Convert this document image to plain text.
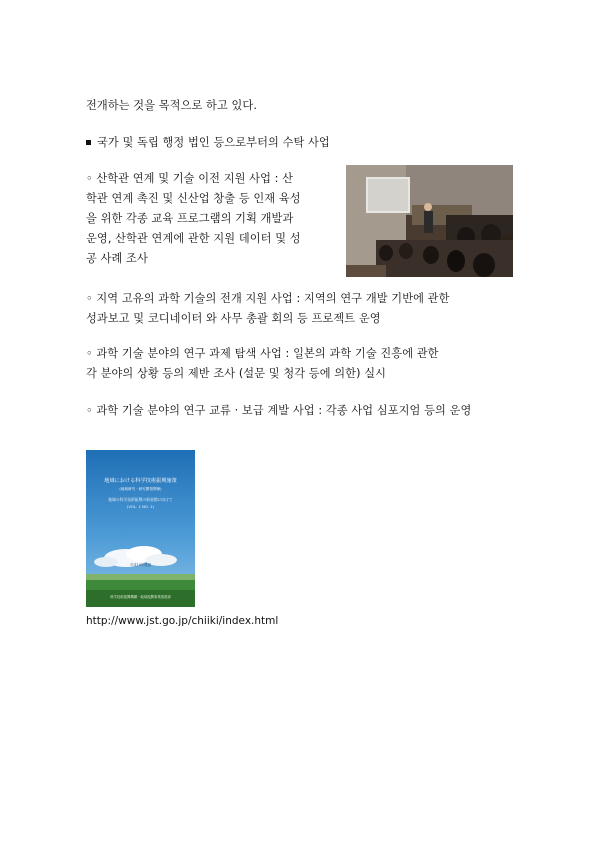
전개하는 것을 목적으로 하고 있다.
국가 및 독립 행정 법인 등으로부터의 수탁 사업
◦ 산학관 연계 및 기술 이전 지원 사업 : 산
학관 연계 촉진 및 신산업 창출 등 인재 육성
을 위한 각종 교육 프로그램의 기획 개발과
운영, 산학관 연계에 관한 지원 데이터 및 성
공 사례 조사
◦ 지역 고유의 과학 기술의 전개 지원 사업 : 지역의 연구 개발 기반에 관한
성과보고 및 코디네이터 와 사무 총괄 회의 등 프로젝트 운영
◦ 과학 기술 분야의 연구 과제 탐색 사업 : 일본의 과학 기술 진흥에 관한
각 분야의 상황 등의 제반 조사 (설문 및 청각 등에 의한) 실시
◦ 과학 기술 분야의 연구 교류 · 보급 계발 사업 : 각종 사업 심포지엄 등의 운영
地域における科学技術振興施策
(地域研究 · 研究開発関係)
地域の科学技術振興の新展開に向けて
(VOL. 1 NO. 1)
平成19年度版
科学技術振興機構 · 地域振興事業推進部
http://www.jst.go.jp/chiiki/index.html
